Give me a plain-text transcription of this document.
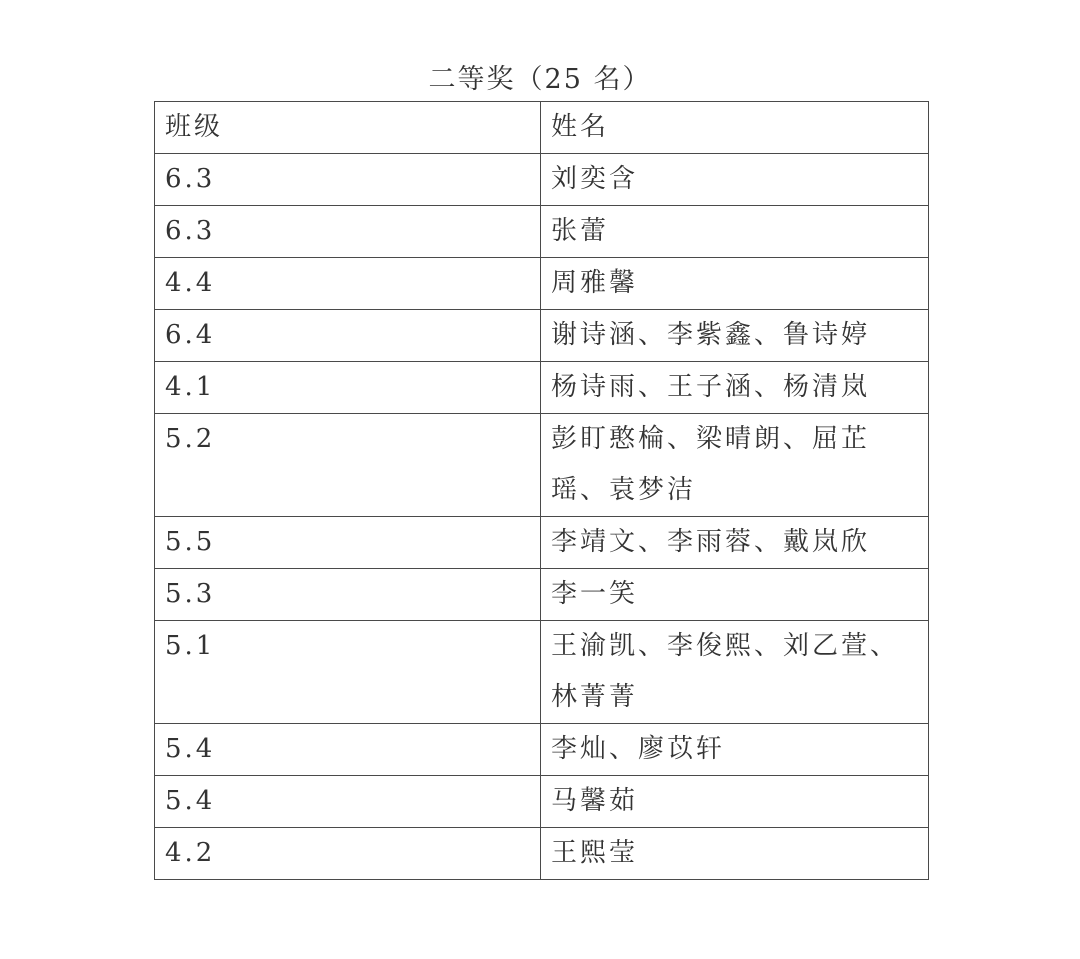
二等奖（25 名）
班级	姓名
6.3	刘奕含
6.3	张蕾
4.4	周雅馨
6.4	谢诗涵、李紫鑫、鲁诗婷
4.1	杨诗雨、王子涵、杨清岚
5.2	彭盯憨棆、梁晴朗、屈芷瑶、袁梦洁
5.5	李靖文、李雨蓉、戴岚欣
5.3	李一笑
5.1	王渝凯、李俊熙、刘乙萱、林菁菁
5.4	李灿、廖苡轩
5.4	马馨茹
4.2	王熙莹
